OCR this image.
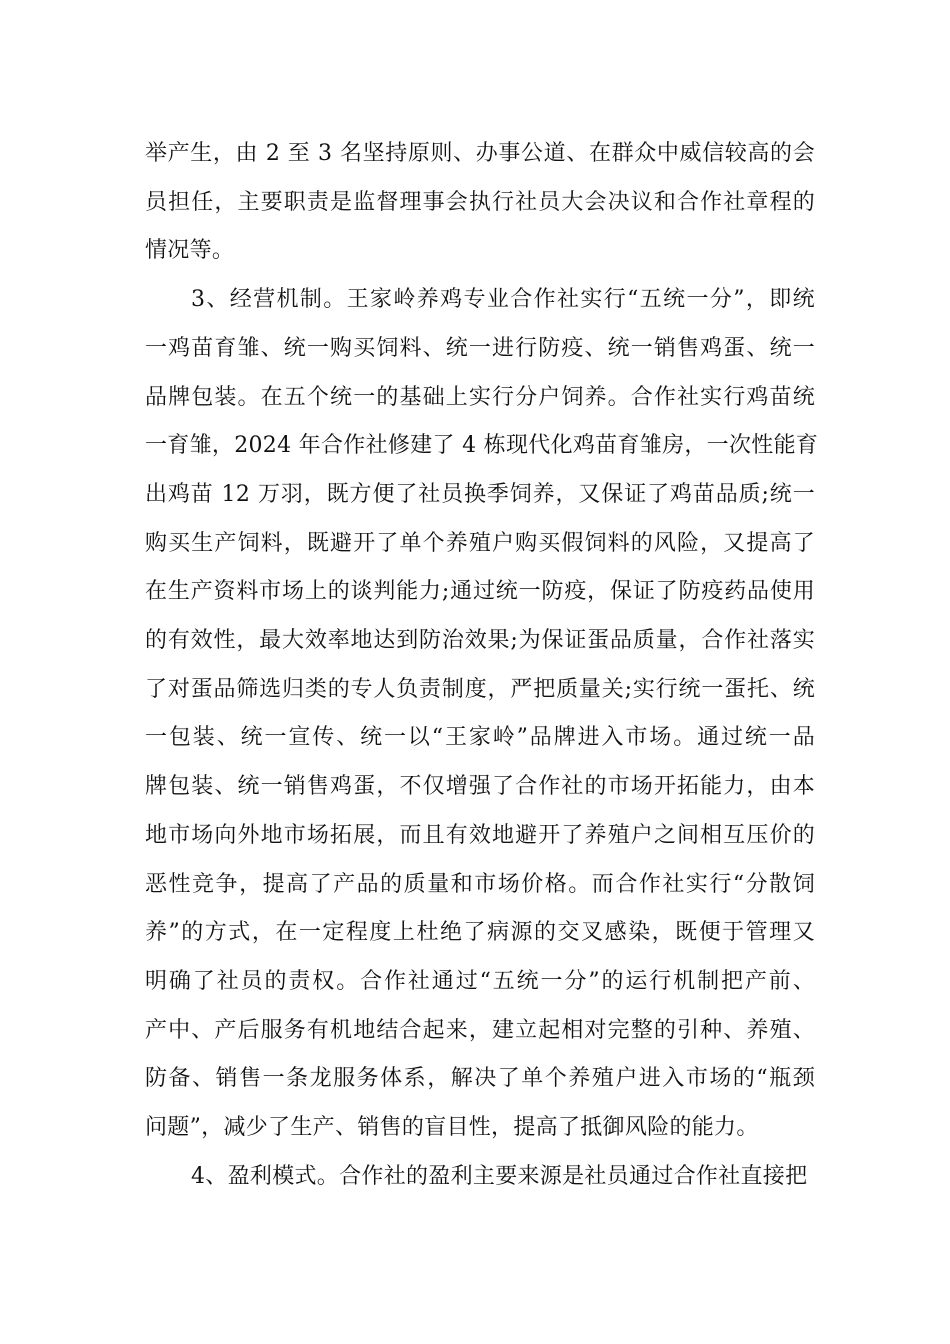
举产生，由 2 至 3 名坚持原则、办事公道、在群众中威信较高的会
员担任，主要职责是监督理事会执行社员大会决议和合作社章程的
情况等。
3、经营机制。王家岭养鸡专业合作社实行“五统一分”，即统
一鸡苗育雏、统一购买饲料、统一进行防疫、统一销售鸡蛋、统一
品牌包装。在五个统一的基础上实行分户饲养。合作社实行鸡苗统
一育雏，2024 年合作社修建了 4 栋现代化鸡苗育雏房，一次性能育
出鸡苗 12 万羽，既方便了社员换季饲养，又保证了鸡苗品质;统一
购买生产饲料，既避开了单个养殖户购买假饲料的风险，又提高了
在生产资料市场上的谈判能力;通过统一防疫，保证了防疫药品使用
的有效性，最大效率地达到防治效果;为保证蛋品质量，合作社落实
了对蛋品筛选归类的专人负责制度，严把质量关;实行统一蛋托、统
一包装、统一宣传、统一以“王家岭”品牌进入市场。通过统一品
牌包装、统一销售鸡蛋，不仅增强了合作社的市场开拓能力，由本
地市场向外地市场拓展，而且有效地避开了养殖户之间相互压价的
恶性竞争，提高了产品的质量和市场价格。而合作社实行“分散饲
养”的方式，在一定程度上杜绝了病源的交叉感染，既便于管理又
明确了社员的责权。合作社通过“五统一分”的运行机制把产前、
产中、产后服务有机地结合起来，建立起相对完整的引种、养殖、
防备、销售一条龙服务体系，解决了单个养殖户进入市场的“瓶颈
问题”，减少了生产、销售的盲目性，提高了抵御风险的能力。
4、盈利模式。合作社的盈利主要来源是社员通过合作社直接把
